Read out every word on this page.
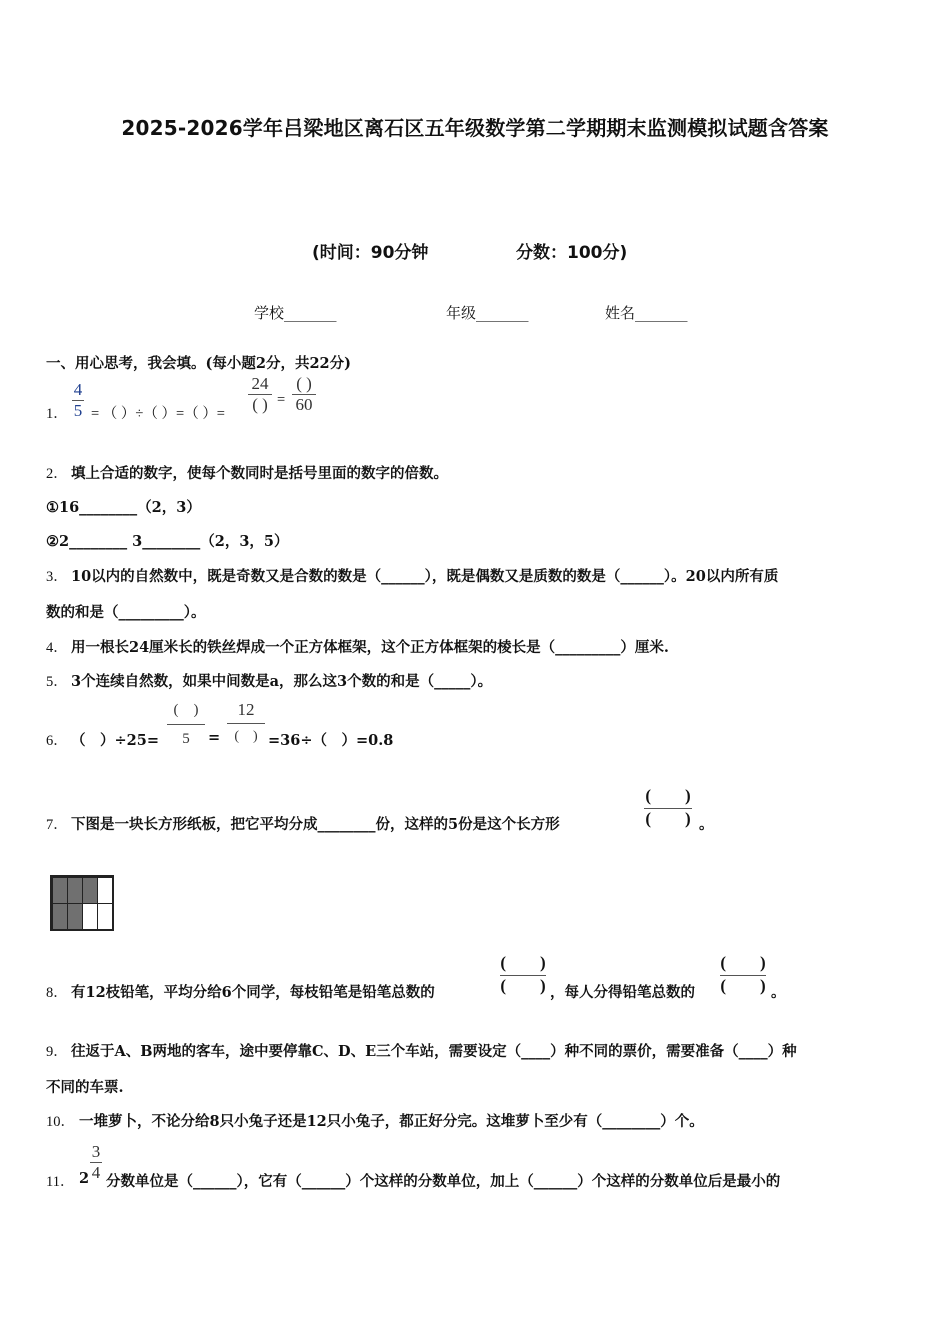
2025-2026学年吕梁地区离石区五年级数学第二学期期末监测模拟试题含答案
(时间：90分钟	分数：100分)
学校_______	年级_______	姓名_______
一、用心思考，我会填。(每小题2分，共22分)
1．
4
5 = （ ）÷（ ）=（ ）=
24
( ) =
( )
60
2． 填上合适的数字，使每个数同时是括号里面的数字的倍数。
①16________（2，3）
②2________ 3________（2，3，5）
3． 10以内的自然数中，既是奇数又是合数的数是（______），既是偶数又是质数的数是（______）。20以内所有质
数的和是（_________）。
4． 用一根长24厘米长的铁丝焊成一个正方体框架，这个正方体框架的棱长是（_________）厘米.
5． 3个连续自然数，如果中间数是a，那么这3个数的和是（_____）。
6． （　）÷25=
(　)
5	=
12
(　) =36÷（　）=0.8
7． 下图是一块长方形纸板，把它平均分成________份，这样的5份是这个长方形
(　　)
(　　) 。
8． 有12枝铅笔，平均分给6个同学，每枝铅笔是铅笔总数的
(　　)
(　　) ，每人分得铅笔总数的
(　　)
(　　) 。
9． 往返于A、B两地的客车，途中要停靠C、D、E三个车站，需要设定（____）种不同的票价，需要准备（____）种
不同的车票.
10． 一堆萝卜，不论分给8只小兔子还是12只小兔子，都正好分完。这堆萝卜至少有（________）个。
11． 2
3
4 分数单位是（______），它有（______）个这样的分数单位，加上（______）个这样的分数单位后是最小的
